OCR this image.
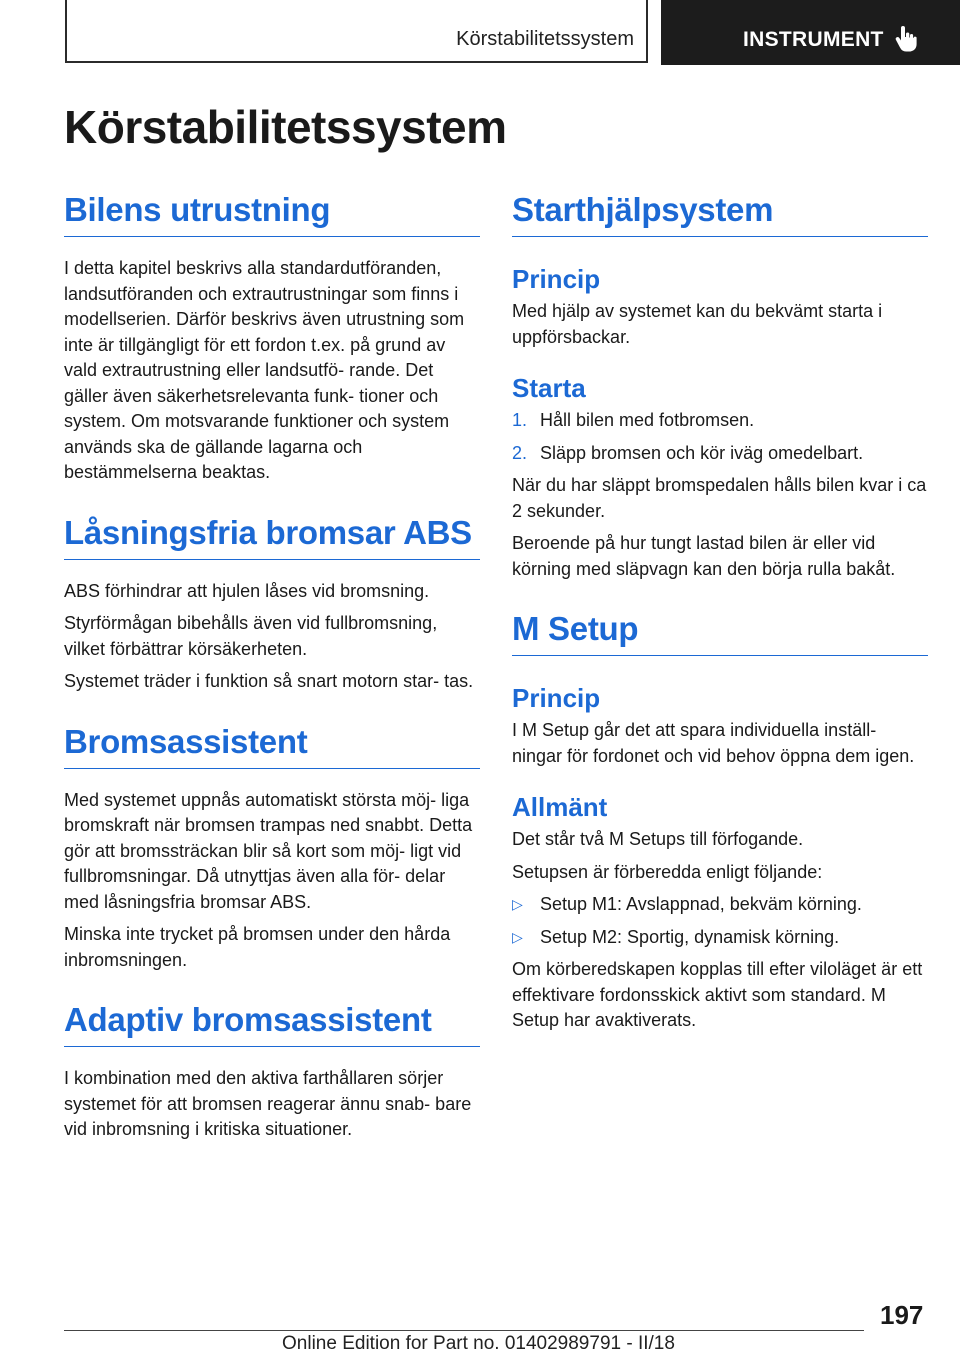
Körstabilitetssystem	INSTRUMENT
Körstabilitetssystem
Bilens utrustning

I detta kapitel beskrivs alla standardutföranden, landsutföranden och extrautrustningar som finns i modellserien. Därför beskrivs även utrustning som inte är tillgängligt för ett fordon t.ex. på grund av vald extrautrustning eller landsutfö‐ rande. Det gäller även säkerhetsrelevanta funk‐ tioner och system. Om motsvarande funktioner och system används ska de gällande lagarna och bestämmelserna beaktas.

Låsningsfria bromsar ABS

ABS förhindrar att hjulen låses vid bromsning.

Styrförmågan bibehålls även vid fullbromsning, vilket förbättrar körsäkerheten.

Systemet träder i funktion så snart motorn star‐ tas.

Bromsassistent

Med systemet uppnås automatiskt största möj‐ liga bromskraft när bromsen trampas ned snabbt. Detta gör att bromssträckan blir så kort som möj‐ ligt vid fullbromsningar. Då utnyttjas även alla för‐ delar med låsningsfria bromsar ABS.

Minska inte trycket på bromsen under den hårda inbromsningen.

Adaptiv bromsassistent

I kombination med den aktiva farthållaren sörjer systemet för att bromsen reagerar ännu snab‐ bare vid inbromsning i kritiska situationer.

Starthjälpsystem
Princip

Med hjälp av systemet kan du bekvämt starta i uppförsbackar.

Starta
1. Håll bilen med fotbromsen.
2. Släpp bromsen och kör iväg omedelbart.

När du har släppt bromspedalen hålls bilen kvar i ca 2 sekunder.

Beroende på hur tungt lastad bilen är eller vid körning med släpvagn kan den börja rulla bakåt.

M Setup
Princip

I M Setup går det att spara individuella inställ‐ ningar för fordonet och vid behov öppna dem igen.

Allmänt

Det står två M Setups till förfogande.

Setupsen är förberedda enligt följande:

▷ Setup M1: Avslappnad, bekväm körning.
▷ Setup M2: Sportig, dynamisk körning.

Om körberedskapen kopplas till efter viloläget är ett effektivare fordonsskick aktivt som standard. M Setup har avaktiverats.

197
Online Edition for Part no. 01402989791 - II/18
